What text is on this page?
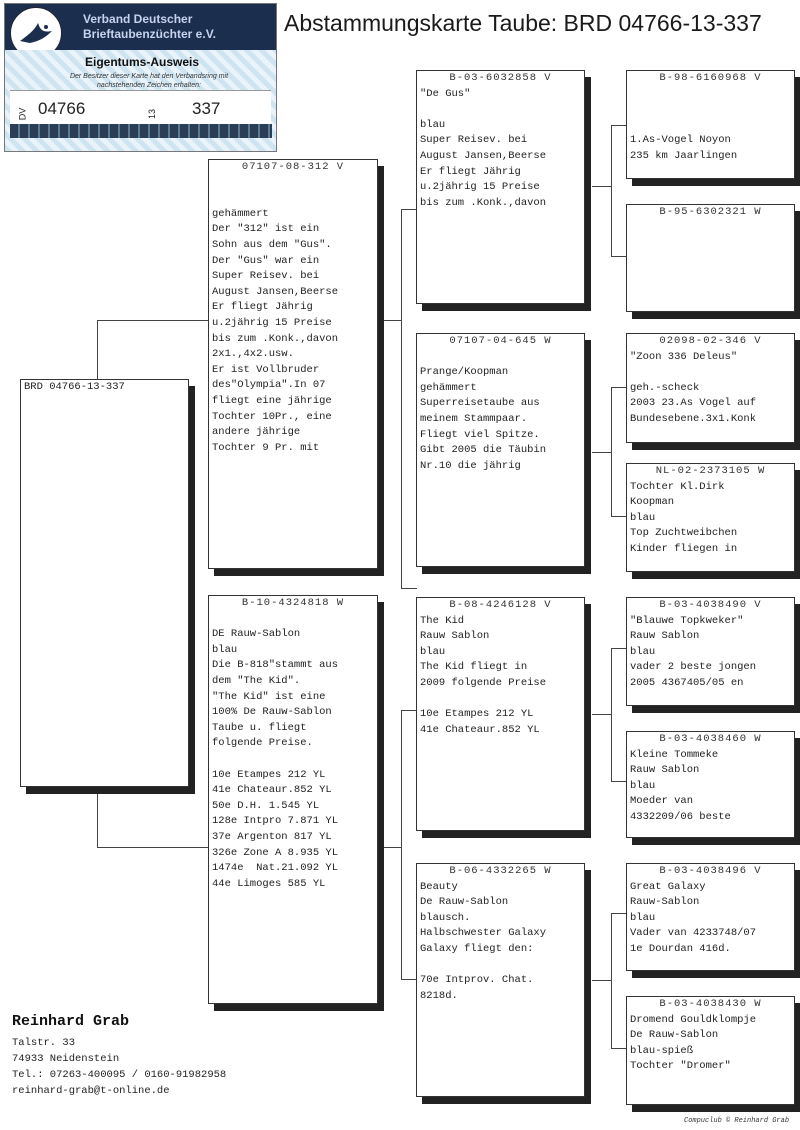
Abstammungskarte Taube: BRD 04766-13-337
Verband Deutscher
Brieftaubenzüchter e.V.
Eigentums-Ausweis
Der Besitzer dieser Karte hat den Verbandsring mit nachstehenden Zeichen erhalten:
DV 04766	13 337
BRD 04766-13-337
07107-08-312 V

gehämmert
Der "312" ist ein
Sohn aus dem "Gus".
Der "Gus" war ein
Super Reisev. bei
August Jansen,Beerse
Er fliegt Jährig
u.2jährig 15 Preise
bis zum .Konk.,davon
2x1.,4x2.usw.
Er ist Vollbruder
des"Olympia".In 07
fliegt eine jährige
Tochter 10Pr., eine
andere jährige
Tochter 9 Pr. mit
B-10-4324818 W

DE Rauw-Sablon
blau
Die B-818"stammt aus
dem "The Kid".
"The Kid" ist eine
100% De Rauw-Sablon
Taube u. fliegt
folgende Preise.

10e Etampes 212 YL
41e Chateaur.852 YL
50e D.H. 1.545 YL
128e Intpro 7.871 YL
37e Argenton 817 YL
326e Zone A 8.935 YL
1474e  Nat.21.092 YL
44e Limoges 585 YL
B-03-6032858 V
"De Gus"

blau
Super Reisev. bei
August Jansen,Beerse
Er fliegt Jährig
u.2jährig 15 Preise
bis zum .Konk.,davon
07107-04-645 W

Prange/Koopman
gehämmert
Superreisetaube aus
meinem Stammpaar.
Fliegt viel Spitze.
Gibt 2005 die Täubin
Nr.10 die jährig
B-08-4246128 V
The Kid
Rauw Sablon
blau
The Kid fliegt in
2009 folgende Preise

10e Etampes 212 YL
41e Chateaur.852 YL
B-06-4332265 W
Beauty
De Rauw-Sablon
blausch.
Halbschwester Galaxy
Galaxy fliegt den:

70e Intprov. Chat.
8218d.
B-98-6160968 V

1.As-Vogel Noyon
235 km Jaarlingen
B-95-6302321 W
02098-02-346 V
"Zoon 336 Deleus"

geh.-scheck
2003 23.As Vogel auf
Bundesebene.3x1.Konk
NL-02-2373105 W
Tochter Kl.Dirk
Koopman
blau
Top Zuchtweibchen
Kinder fliegen in
B-03-4038490 V
"Blauwe Topkweker"
Rauw Sablon
blau
vader 2 beste jongen
2005 4367405/05 en
B-03-4038460 W
Kleine Tommeke
Rauw Sablon
blau
Moeder van
4332209/06 beste
B-03-4038496 V
Great Galaxy
Rauw-Sablon
blau
Vader van 4233748/07
1e Dourdan 416d.
B-03-4038430 W
Dromend Gouldklompje
De Rauw-Sablon
blau-spieß
Tochter "Dromer"
Reinhard Grab
Talstr. 33
74933 Neidenstein
Tel.: 07263-400095 / 0160-91982958
reinhard-grab@t-online.de
Compuclub © Reinhard Grab
